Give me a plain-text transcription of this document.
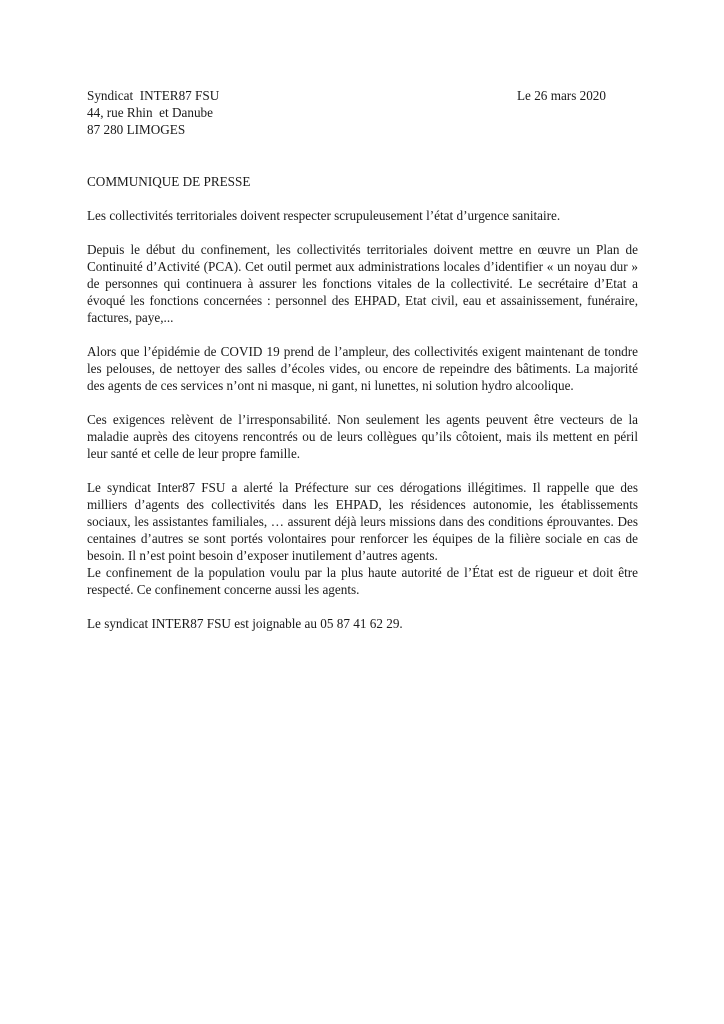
Syndicat  INTER87 FSU
44, rue Rhin  et Danube
87 280 LIMOGES
Le 26 mars 2020
COMMUNIQUE DE PRESSE

Les collectivités territoriales doivent respecter scrupuleusement l’état d’urgence sanitaire.

Depuis le début du confinement, les collectivités territoriales doivent mettre en œuvre un Plan de Continuité d’Activité (PCA). Cet outil permet aux administrations locales d’identifier « un noyau dur » de personnes qui continuera à assurer les fonctions vitales de la collectivité. Le secrétaire d’Etat a évoqué les fonctions concernées : personnel des EHPAD, Etat civil, eau et assainissement, funéraire, factures, paye,...

Alors que l’épidémie de COVID 19 prend de l’ampleur, des collectivités exigent maintenant de tondre les pelouses, de nettoyer des salles d’écoles vides, ou encore de repeindre des bâtiments. La majorité des agents de ces services n’ont ni masque, ni gant, ni lunettes, ni solution hydro alcoolique.

Ces exigences relèvent de l’irresponsabilité. Non seulement les agents peuvent être vecteurs de la maladie auprès des citoyens rencontrés ou de leurs collègues qu’ils côtoient, mais ils mettent en péril leur santé et celle de leur propre famille.

Le syndicat Inter87 FSU a alerté la Préfecture sur ces dérogations illégitimes. Il rappelle que des milliers d’agents des collectivités dans les EHPAD, les résidences autonomie, les établissements sociaux, les assistantes familiales, … assurent déjà leurs missions dans des conditions éprouvantes. Des centaines d’autres se sont portés volontaires pour renforcer les équipes de la filière sociale en cas de besoin. Il n’est point besoin d’exposer inutilement d’autres agents.

Le confinement de la population voulu par la plus haute autorité de l’État est de rigueur et doit être respecté. Ce confinement concerne aussi les agents.

Le syndicat INTER87 FSU est joignable au 05 87 41 62 29.
